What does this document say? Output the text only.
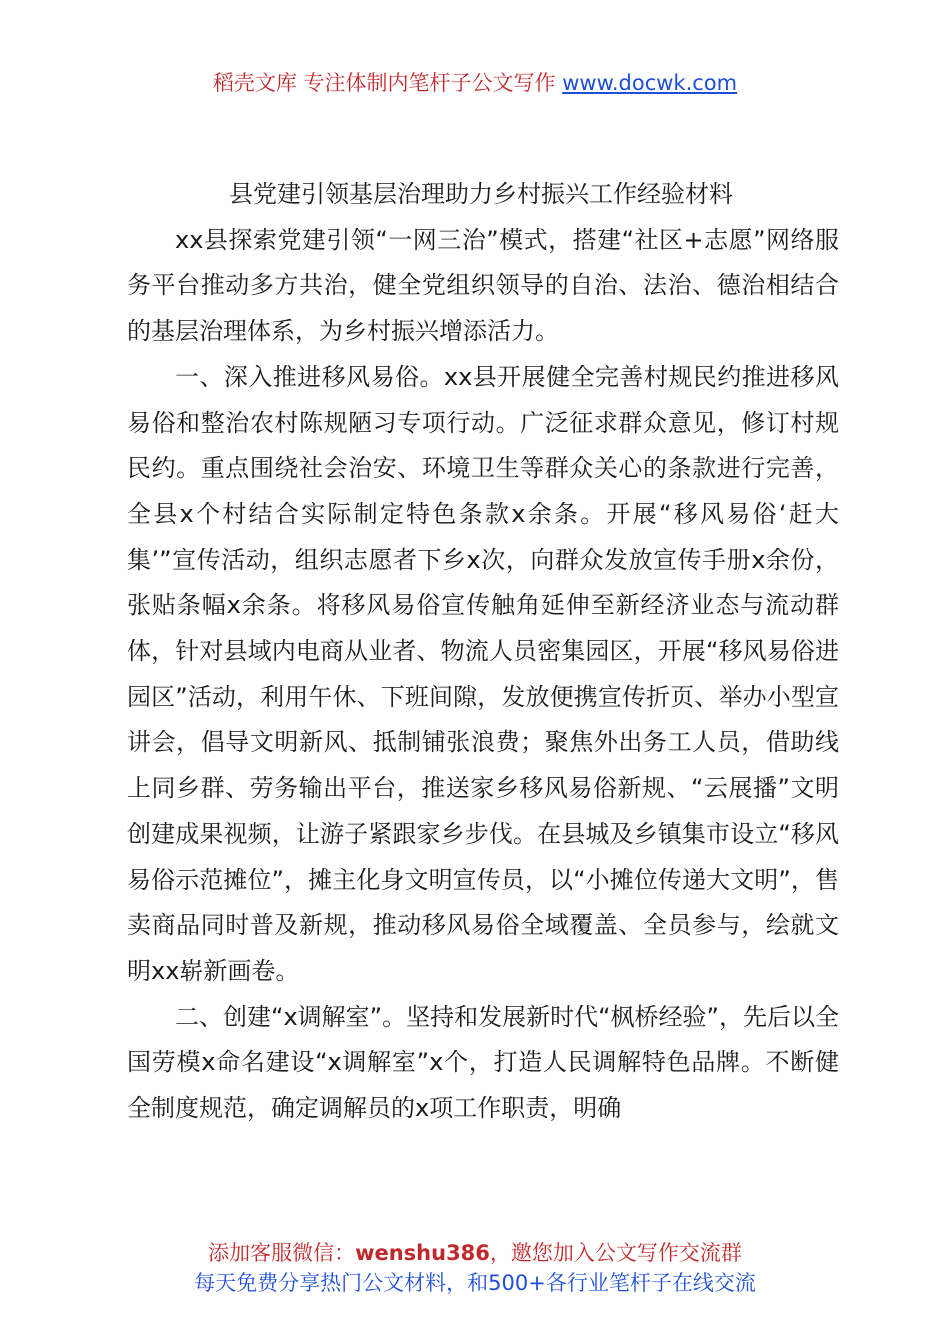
稻壳文库 专注体制内笔杆子公文写作 www.docwk.com

县党建引领基层治理助力乡村振兴工作经验材料

xx县探索党建引领“一网三治”模式，搭建“社区+志愿”网络服务平台推动多方共治，健全党组织领导的自治、法治、德治相结合的基层治理体系，为乡村振兴增添活力。

一、深入推进移风易俗。xx县开展健全完善村规民约推进移风易俗和整治农村陈规陋习专项行动。广泛征求群众意见，修订村规民约。重点围绕社会治安、环境卫生等群众关心的条款进行完善，全县x个村结合实际制定特色条款x余条。开展“移风易俗‘赶大集’”宣传活动，组织志愿者下乡x次，向群众发放宣传手册x余份，张贴条幅x余条。将移风易俗宣传触角延伸至新经济业态与流动群体，针对县域内电商从业者、物流人员密集园区，开展“移风易俗进园区”活动，利用午休、下班间隙，发放便携宣传折页、举办小型宣讲会，倡导文明新风、抵制铺张浪费；聚焦外出务工人员，借助线上同乡群、劳务输出平台，推送家乡移风易俗新规、“云展播”文明创建成果视频，让游子紧跟家乡步伐。在县城及乡镇集市设立“移风易俗示范摊位”，摊主化身文明宣传员，以“小摊位传递大文明”，售卖商品同时普及新规，推动移风易俗全域覆盖、全员参与，绘就文明xx崭新画卷。

二、创建“x调解室”。坚持和发展新时代“枫桥经验”，先后以全国劳模x命名建设“x调解室”x个，打造人民调解特色品牌。不断健全制度规范，确定调解员的x项工作职责，明确

添加客服微信：wenshu386，邀您加入公文写作交流群
每天免费分享热门公文材料，和500+各行业笔杆子在线交流
